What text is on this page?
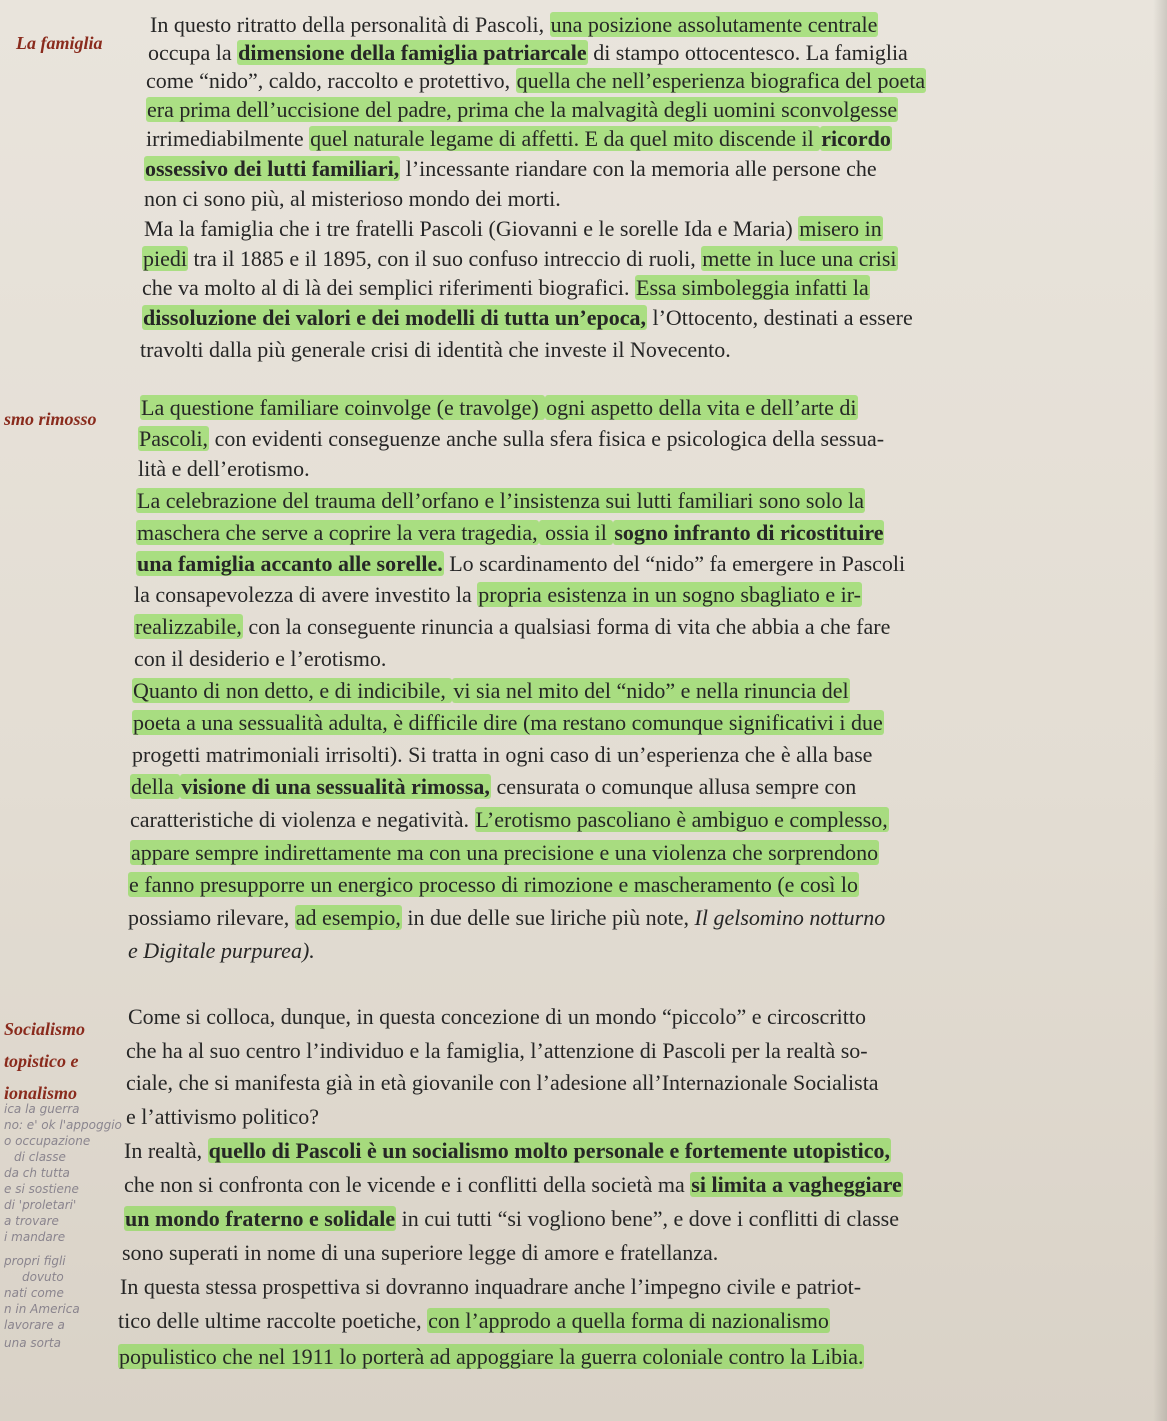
La famiglia
smo rimosso
Socialismo
topistico e
ionalismo
ica la guerra
no: e' ok l'appoggio
o occupazione
di classe
da ch tutta
e si sostiene
di 'proletari'
a trovare
i mandare
propri figli
dovuto
nati come
n in America
lavorare a
una sorta
In questo ritratto della personalità di Pascoli, una posizione assolutamente centrale
occupa la dimensione della famiglia patriarcale di stampo ottocentesco. La famiglia
come “nido”, caldo, raccolto e protettivo, quella che nell’esperienza biografica del poeta
era prima dell’uccisione del padre, prima che la malvagità degli uomini sconvolgesse
irrimediabilmente quel naturale legame di affetti. E da quel mito discende il ricordo
ossessivo dei lutti familiari, l’incessante riandare con la memoria alle persone che
non ci sono più, al misterioso mondo dei morti.
Ma la famiglia che i tre fratelli Pascoli (Giovanni e le sorelle Ida e Maria) misero in
piedi tra il 1885 e il 1895, con il suo confuso intreccio di ruoli, mette in luce una crisi
che va molto al di là dei semplici riferimenti biografici. Essa simboleggia infatti la
dissoluzione dei valori e dei modelli di tutta un’epoca, l’Ottocento, destinati a essere
travolti dalla più generale crisi di identità che investe il Novecento.
La questione familiare coinvolge (e travolge) ogni aspetto della vita e dell’arte di
Pascoli, con evidenti conseguenze anche sulla sfera fisica e psicologica della sessua-
lità e dell’erotismo.
La celebrazione del trauma dell’orfano e l’insistenza sui lutti familiari sono solo la
maschera che serve a coprire la vera tragedia, ossia il sogno infranto di ricostituire
una famiglia accanto alle sorelle. Lo scardinamento del “nido” fa emergere in Pascoli
la consapevolezza di avere investito la propria esistenza in un sogno sbagliato e ir-
realizzabile, con la conseguente rinuncia a qualsiasi forma di vita che abbia a che fare
con il desiderio e l’erotismo.
Quanto di non detto, e di indicibile, vi sia nel mito del “nido” e nella rinuncia del
poeta a una sessualità adulta, è difficile dire (ma restano comunque significativi i due
progetti matrimoniali irrisolti). Si tratta in ogni caso di un’esperienza che è alla base
della visione di una sessualità rimossa, censurata o comunque allusa sempre con
caratteristiche di violenza e negatività. L’erotismo pascoliano è ambiguo e complesso,
appare sempre indirettamente ma con una precisione e una violenza che sorprendono
e fanno presupporre un energico processo di rimozione e mascheramento (e così lo
possiamo rilevare, ad esempio, in due delle sue liriche più note, Il gelsomino notturno
e Digitale purpurea).
Come si colloca, dunque, in questa concezione di un mondo “piccolo” e circoscritto
che ha al suo centro l’individuo e la famiglia, l’attenzione di Pascoli per la realtà so-
ciale, che si manifesta già in età giovanile con l’adesione all’Internazionale Socialista
e l’attivismo politico?
In realtà, quello di Pascoli è un socialismo molto personale e fortemente utopistico,
che non si confronta con le vicende e i conflitti della società ma si limita a vagheggiare
un mondo fraterno e solidale in cui tutti “si vogliono bene”, e dove i conflitti di classe
sono superati in nome di una superiore legge di amore e fratellanza.
In questa stessa prospettiva si dovranno inquadrare anche l’impegno civile e patriot-
tico delle ultime raccolte poetiche, con l’approdo a quella forma di nazionalismo
populistico che nel 1911 lo porterà ad appoggiare la guerra coloniale contro la Libia.
